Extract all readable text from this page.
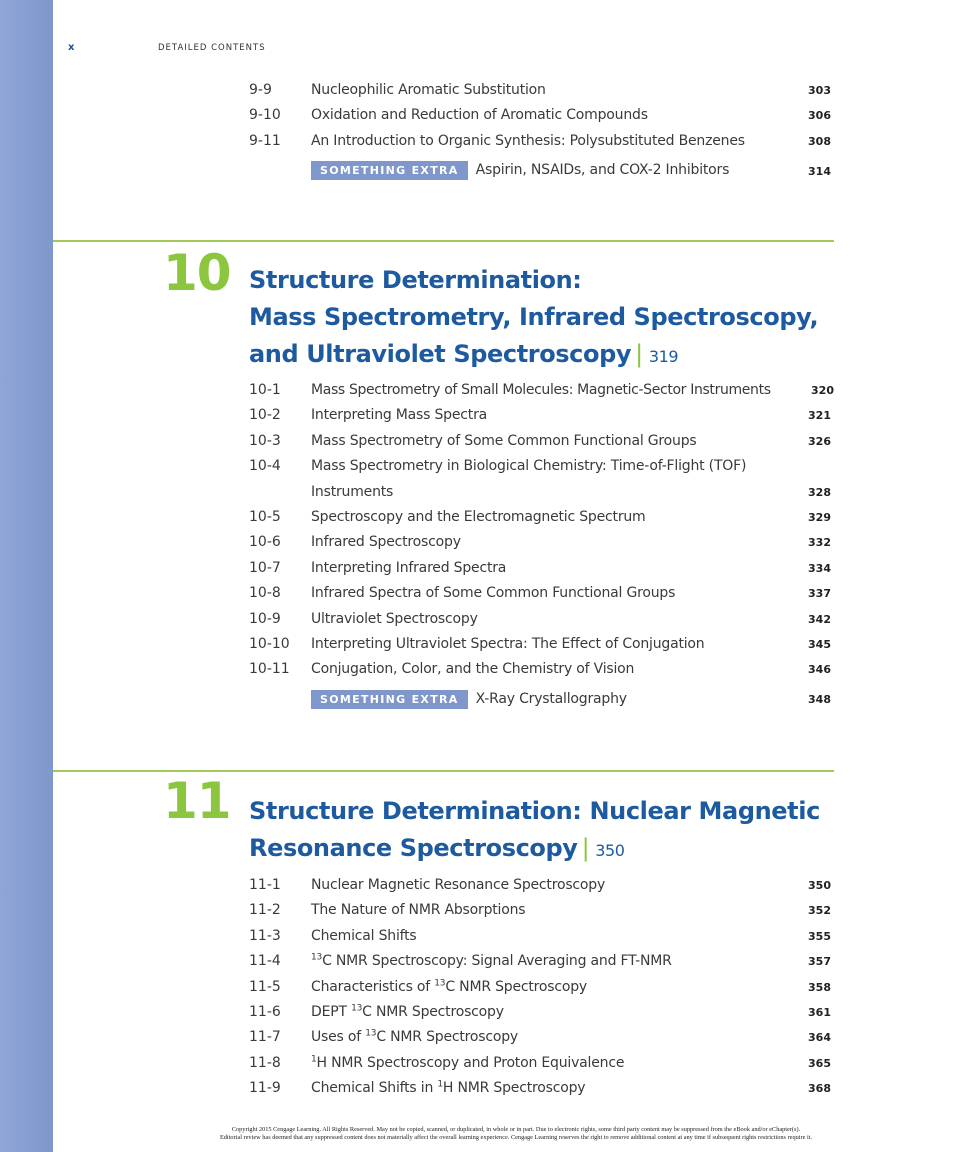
x	DETAILED CONTENTS
9-9	Nucleophilic Aromatic Substitution	303
9-10 Oxidation and Reduction of Aromatic Compounds	306
9-11 An Introduction to Organic Synthesis: Polysubstituted Benzenes	308
SOMETHING EXTRA	Aspirin, NSAIDs, and COX-2 Inhibitors	314
10 Structure Determination:
Mass Spectrometry, Infrared Spectroscopy,
and Ultraviolet Spectroscopy | 319
10-1 Mass Spectrometry of Small Molecules: Magnetic-Sector Instruments	320
10-2 Interpreting Mass Spectra	321
10-3 Mass Spectrometry of Some Common Functional Groups	326
10-4 Mass Spectrometry in Biological Chemistry: Time-of-Flight (TOF) Instruments	328
10-5 Spectroscopy and the Electromagnetic Spectrum	329
10-6 Infrared Spectroscopy	332
10-7 Interpreting Infrared Spectra	334
10-8 Infrared Spectra of Some Common Functional Groups	337
10-9 Ultraviolet Spectroscopy	342
10-10 Interpreting Ultraviolet Spectra: The Effect of Conjugation	345
10-11 Conjugation, Color, and the Chemistry of Vision	346
SOMETHING EXTRA	X-Ray Crystallography	348
11 Structure Determination: Nuclear Magnetic
Resonance Spectroscopy | 350
11-1 Nuclear Magnetic Resonance Spectroscopy	350
11-2 The Nature of NMR Absorptions	352
11-3 Chemical Shifts	355
11-4	$^{13}$C NMR Spectroscopy: Signal Averaging and FT-NMR	357
11-5 Characteristics of $^{13}$C NMR Spectroscopy	358
11-6 DEPT $^{13}$C NMR Spectroscopy	361
11-7 Uses of $^{13}$C NMR Spectroscopy	364
11-8	$^1$H NMR Spectroscopy and Proton Equivalence	365
11-9 Chemical Shifts in $^1$H NMR Spectroscopy	368
Copyright 2015 Cengage Learning. All Rights Reserved. May not be copied, scanned, or duplicated, in whole or in part. Due to electronic rights, some third party content may be suppressed from the eBook and/or eChapter(s).
Editorial review has deemed that any suppressed content does not materially affect the overall learning experience. Cengage Learning reserves the right to remove additional content at any time if subsequent rights restrictions require it.
